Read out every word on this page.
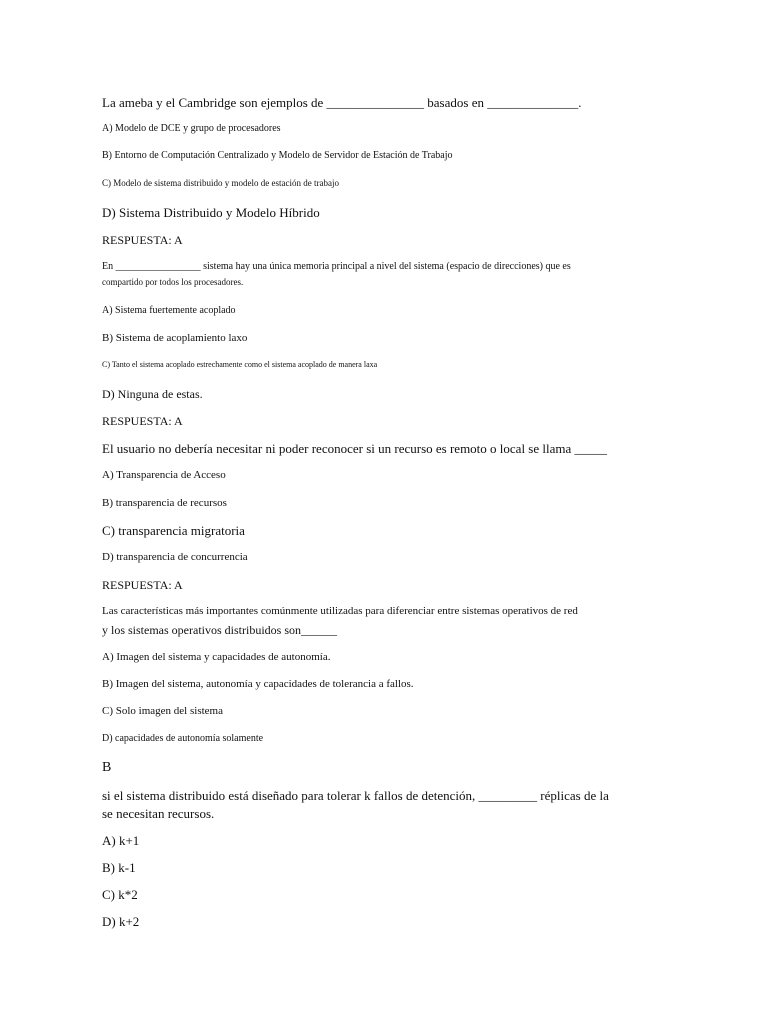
La ameba y el Cambridge son ejemplos de _______________ basados en ______________.

A) Modelo de DCE y grupo de procesadores

B) Entorno de Computación Centralizado y Modelo de Servidor de Estación de Trabajo

C) Modelo de sistema distribuido y modelo de estación de trabajo

D) Sistema Distribuido y Modelo Híbrido

RESPUESTA: A

En _________________ sistema hay una única memoria principal a nivel del sistema (espacio de direcciones) que es

compartido por todos los procesadores.

A) Sistema fuertemente acoplado

B) Sistema de acoplamiento laxo

C) Tanto el sistema acoplado estrechamente como el sistema acoplado de manera laxa

D) Ninguna de estas.

RESPUESTA: A

El usuario no debería necesitar ni poder reconocer si un recurso es remoto o local se llama _____

A) Transparencia de Acceso

B) transparencia de recursos

C) transparencia migratoria

D) transparencia de concurrencia

RESPUESTA: A

Las características más importantes comúnmente utilizadas para diferenciar entre sistemas operativos de red

y los sistemas operativos distribuidos son______

A) Imagen del sistema y capacidades de autonomía.

B) Imagen del sistema, autonomía y capacidades de tolerancia a fallos.

C) Solo imagen del sistema

D) capacidades de autonomía solamente

B

si el sistema distribuido está diseñado para tolerar k fallos de detención, _________ réplicas de la

se necesitan recursos.

A) k+1

B) k-1

C) k*2

D) k+2
